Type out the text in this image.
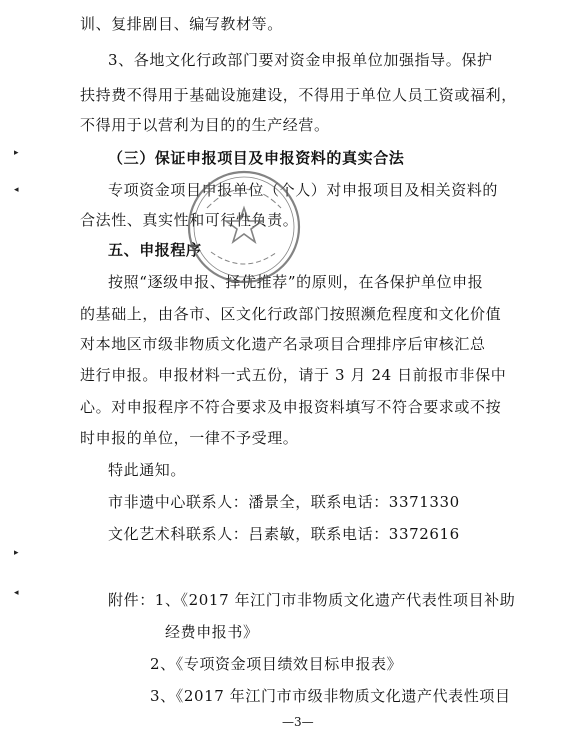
训、复排剧目、编写教材等。
3、各地文化行政部门要对资金申报单位加强指导。保护
扶持费不得用于基础设施建设，不得用于单位人员工资或福利，
不得用于以营利为目的的生产经营。
（三）保证申报项目及申报资料的真实合法
专项资金项目申报单位（个人）对申报项目及相关资料的
合法性、真实性和可行性负责。
五、申报程序
按照“逐级申报、择优推荐”的原则，在各保护单位申报
的基础上，由各市、区文化行政部门按照濒危程度和文化价值
对本地区市级非物质文化遗产名录项目合理排序后审核汇总
进行申报。申报材料一式五份，请于 3 月 24 日前报市非保中
心。对申报程序不符合要求及申报资料填写不符合要求或不按
时申报的单位，一律不予受理。
特此通知。
市非遗中心联系人：潘景全，联系电话：3371330
文化艺术科联系人：吕素敏，联系电话：3372616
附件：1、《2017 年江门市非物质文化遗产代表性项目补助
经费申报书》
2、《专项资金项目绩效目标申报表》
3、《2017 年江门市市级非物质文化遗产代表性项目
—3—
▸
◂
▸
◂
